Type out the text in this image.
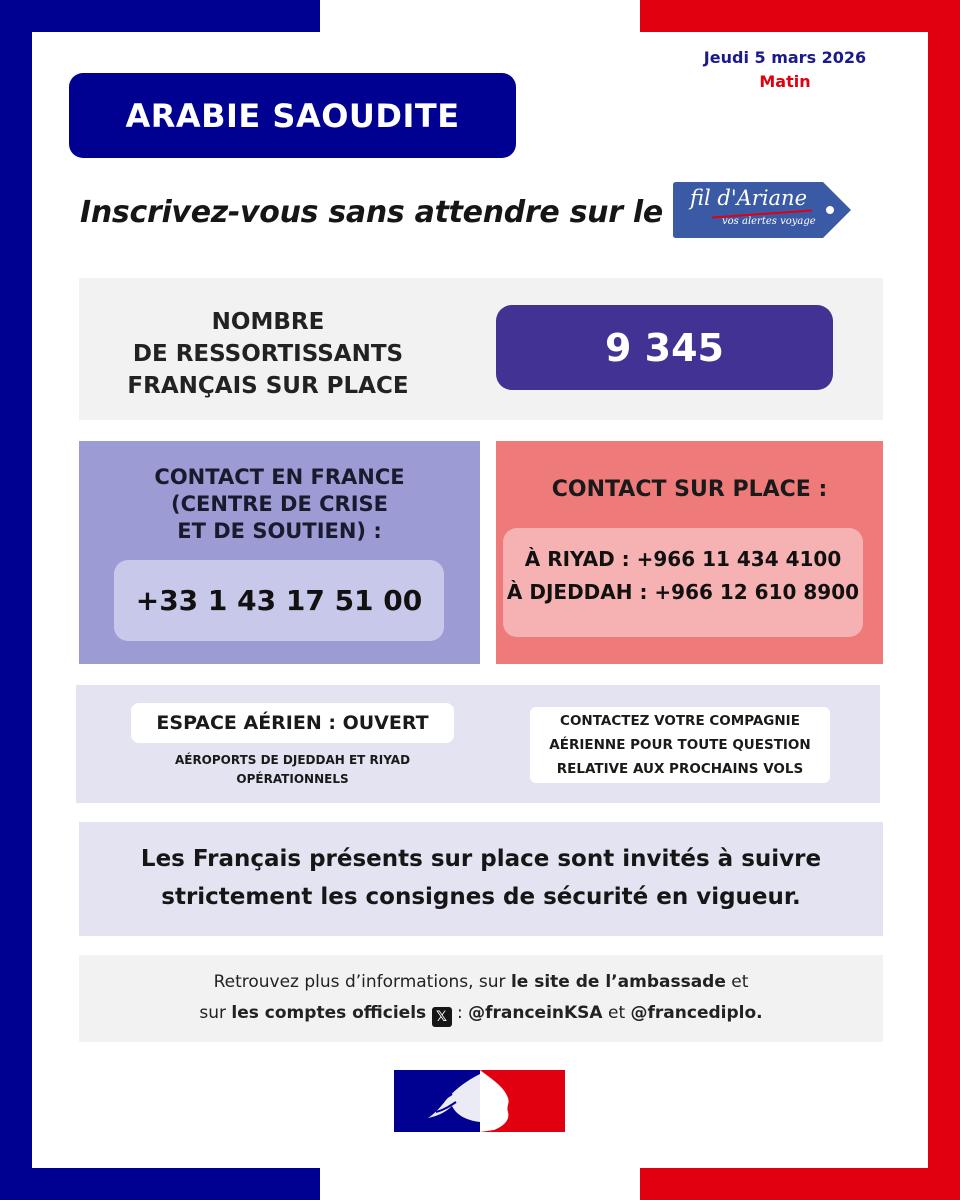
Jeudi 5 mars 2026
Matin
ARABIE SAOUDITE
Inscrivez-vous sans attendre sur le fil d'Ariane
vos alertes voyage
NOMBRE
DE RESSORTISSANTS
FRANÇAIS SUR PLACE
9 345
CONTACT EN FRANCE
(CENTRE DE CRISE
ET DE SOUTIEN) :
+33 1 43 17 51 00
CONTACT SUR PLACE :
À RIYAD : +966 11 434 4100
À DJEDDAH : +966 12 610 8900
ESPACE AÉRIEN : OUVERT
AÉROPORTS DE DJEDDAH ET RIYAD
OPÉRATIONNELS
CONTACTEZ VOTRE COMPAGNIE
AÉRIENNE POUR TOUTE QUESTION
RELATIVE AUX PROCHAINS VOLS
Les Français présents sur place sont invités à suivre
strictement les consignes de sécurité en vigueur.
Retrouvez plus d’informations, sur le site de l’ambassade et
sur les comptes officiels 𝕏 : @franceinKSA et @francediplo.
